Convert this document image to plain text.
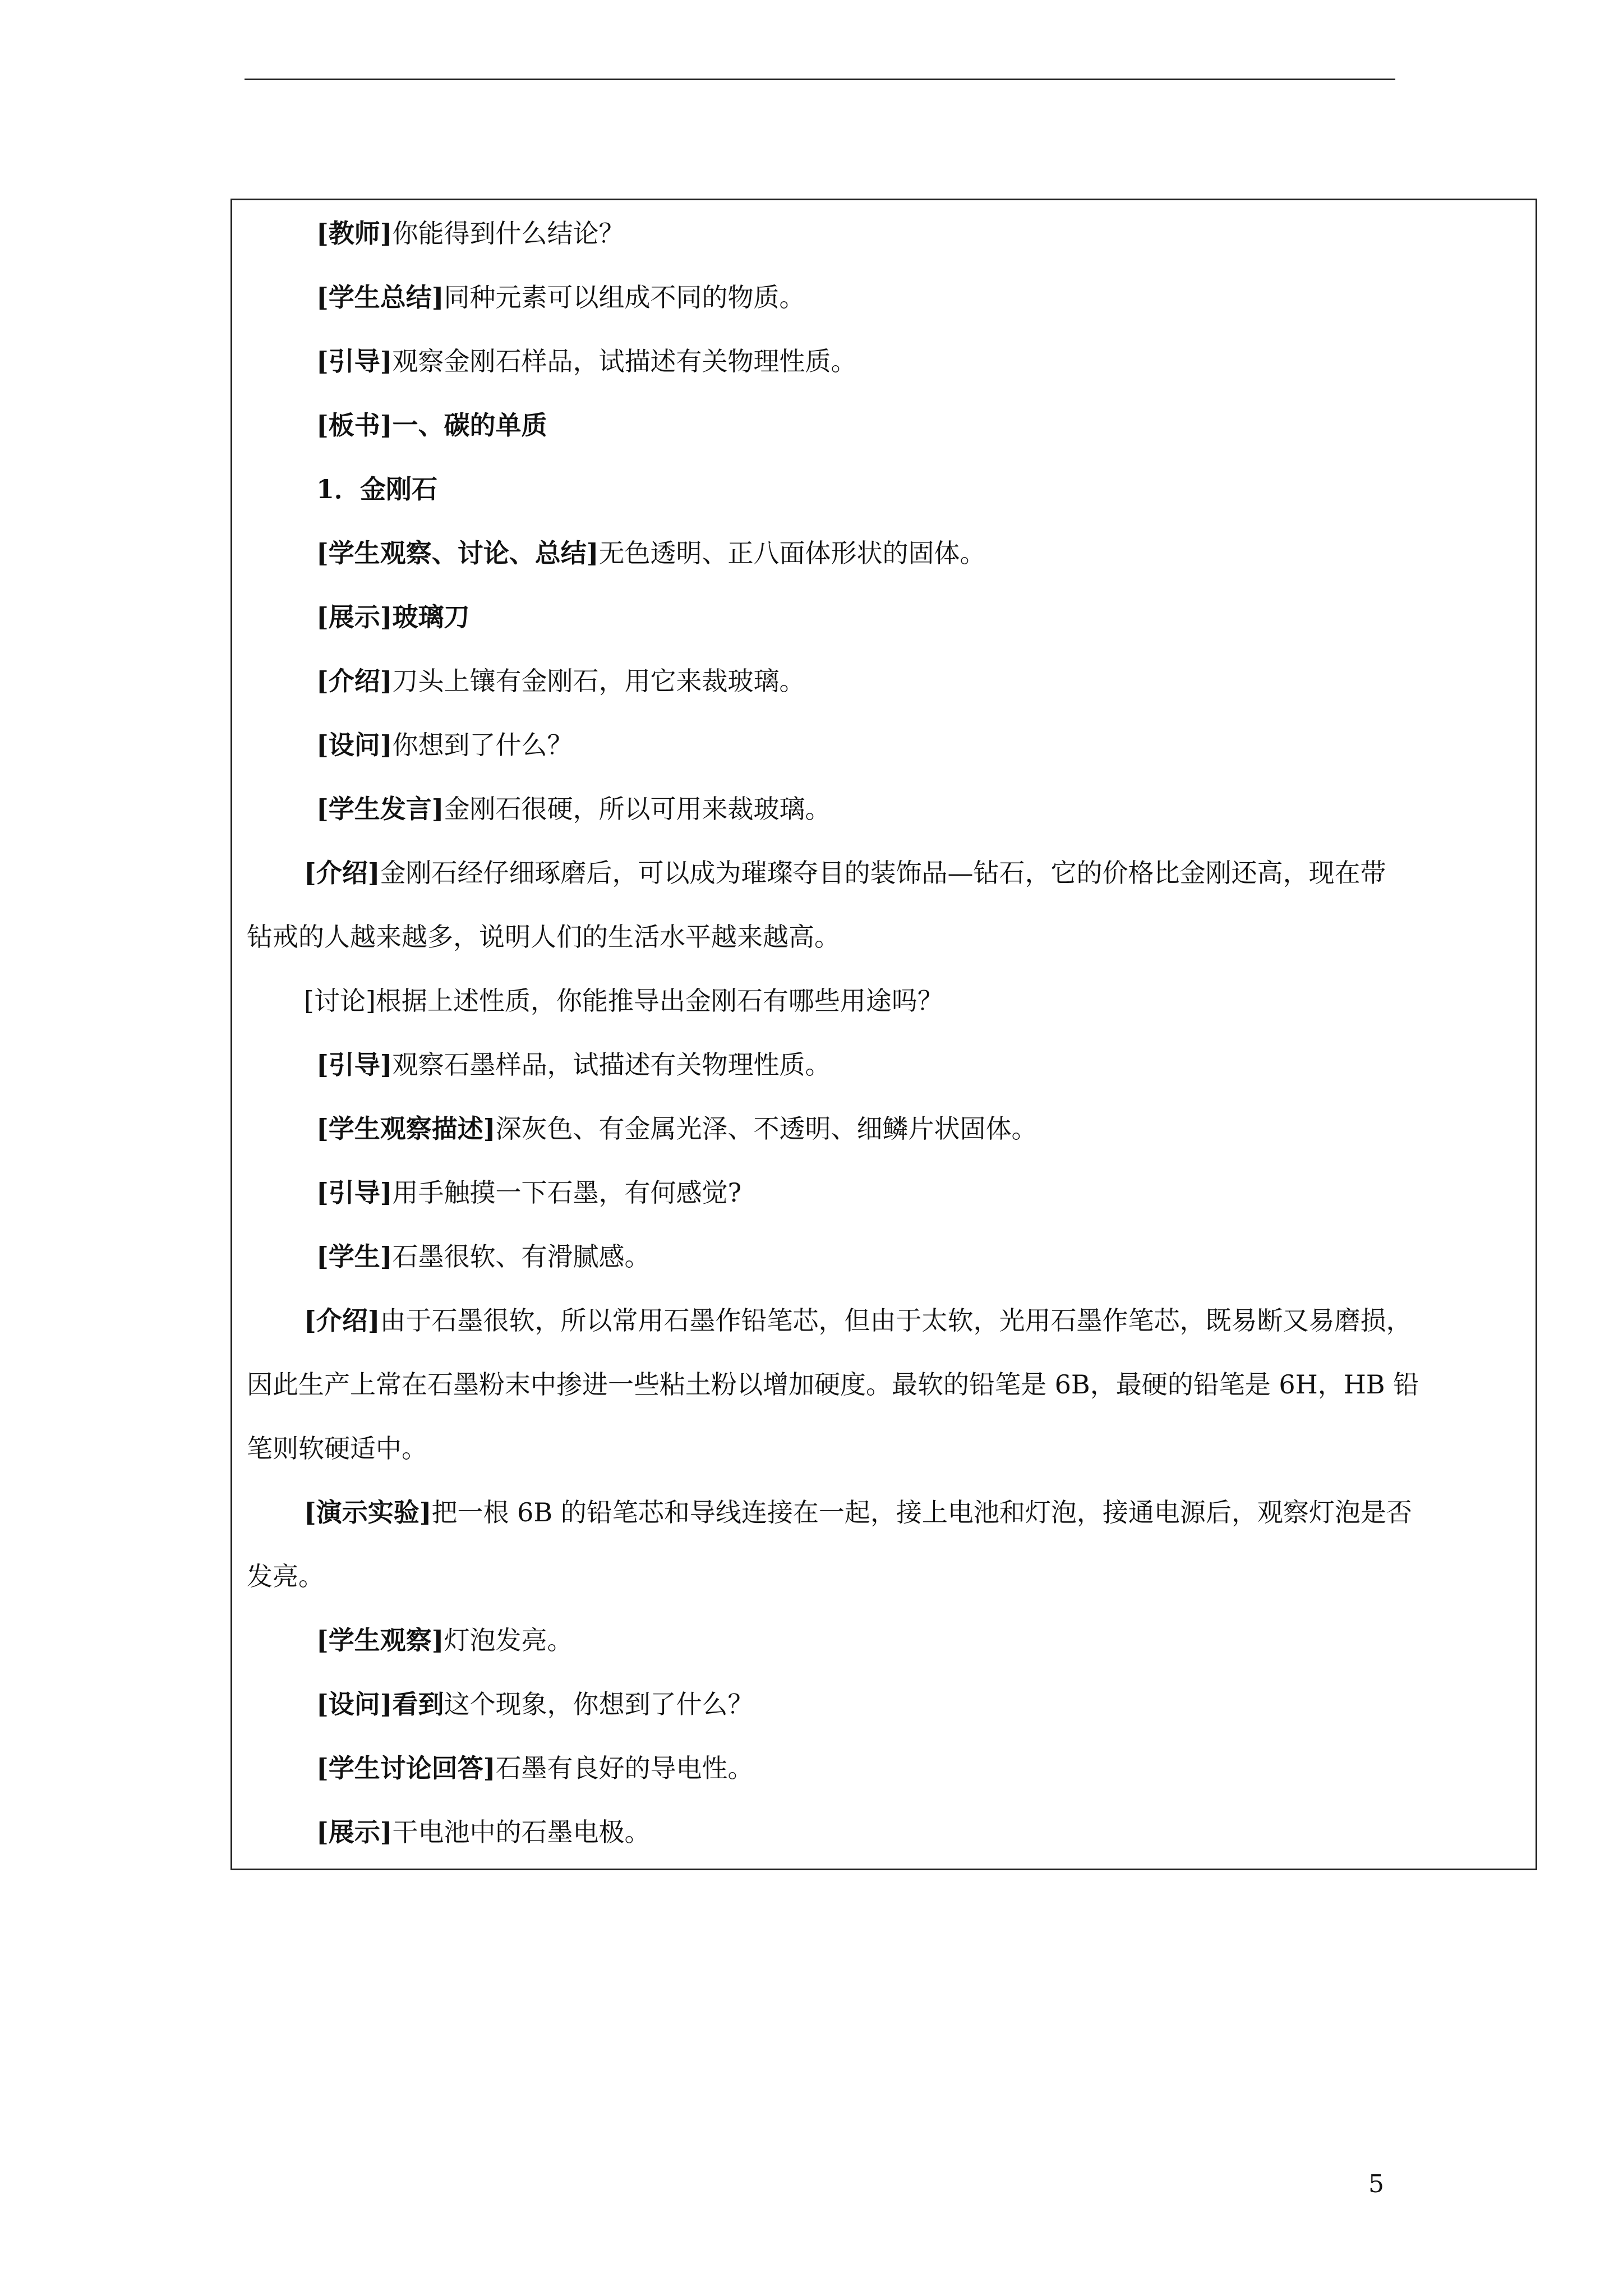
[教师]你能得到什么结论？

[学生总结]同种元素可以组成不同的物质。

[引导]观察金刚石样品，试描述有关物理性质。

[板书]一、碳的单质

1．金刚石

[学生观察、讨论、总结]无色透明、正八面体形状的固体。

[展示]玻璃刀

[介绍]刀头上镶有金刚石，用它来裁玻璃。

[设问]你想到了什么？

[学生发言]金刚石很硬，所以可用来裁玻璃。

[介绍]金刚石经仔细琢磨后，可以成为璀璨夺目的装饰品—钻石，它的价格比金刚还高，现在带

钻戒的人越来越多，说明人们的生活水平越来越高。

[讨论]根据上述性质，你能推导出金刚石有哪些用途吗？

[引导]观察石墨样品，试描述有关物理性质。

[学生观察描述]深灰色、有金属光泽、不透明、细鳞片状固体。

[引导]用手触摸一下石墨，有何感觉?

[学生]石墨很软、有滑腻感。

[介绍]由于石墨很软，所以常用石墨作铅笔芯，但由于太软，光用石墨作笔芯，既易断又易磨损，

因此生产上常在石墨粉末中掺进一些粘土粉以增加硬度。最软的铅笔是 6B，最硬的铅笔是 6H，HB 铅

笔则软硬适中。

[演示实验]把一根 6B 的铅笔芯和导线连接在一起，接上电池和灯泡，接通电源后，观察灯泡是否

发亮。

[学生观察]灯泡发亮。

[设问]看到这个现象，你想到了什么？

[学生讨论回答]石墨有良好的导电性。

[展示]干电池中的石墨电极。

5
